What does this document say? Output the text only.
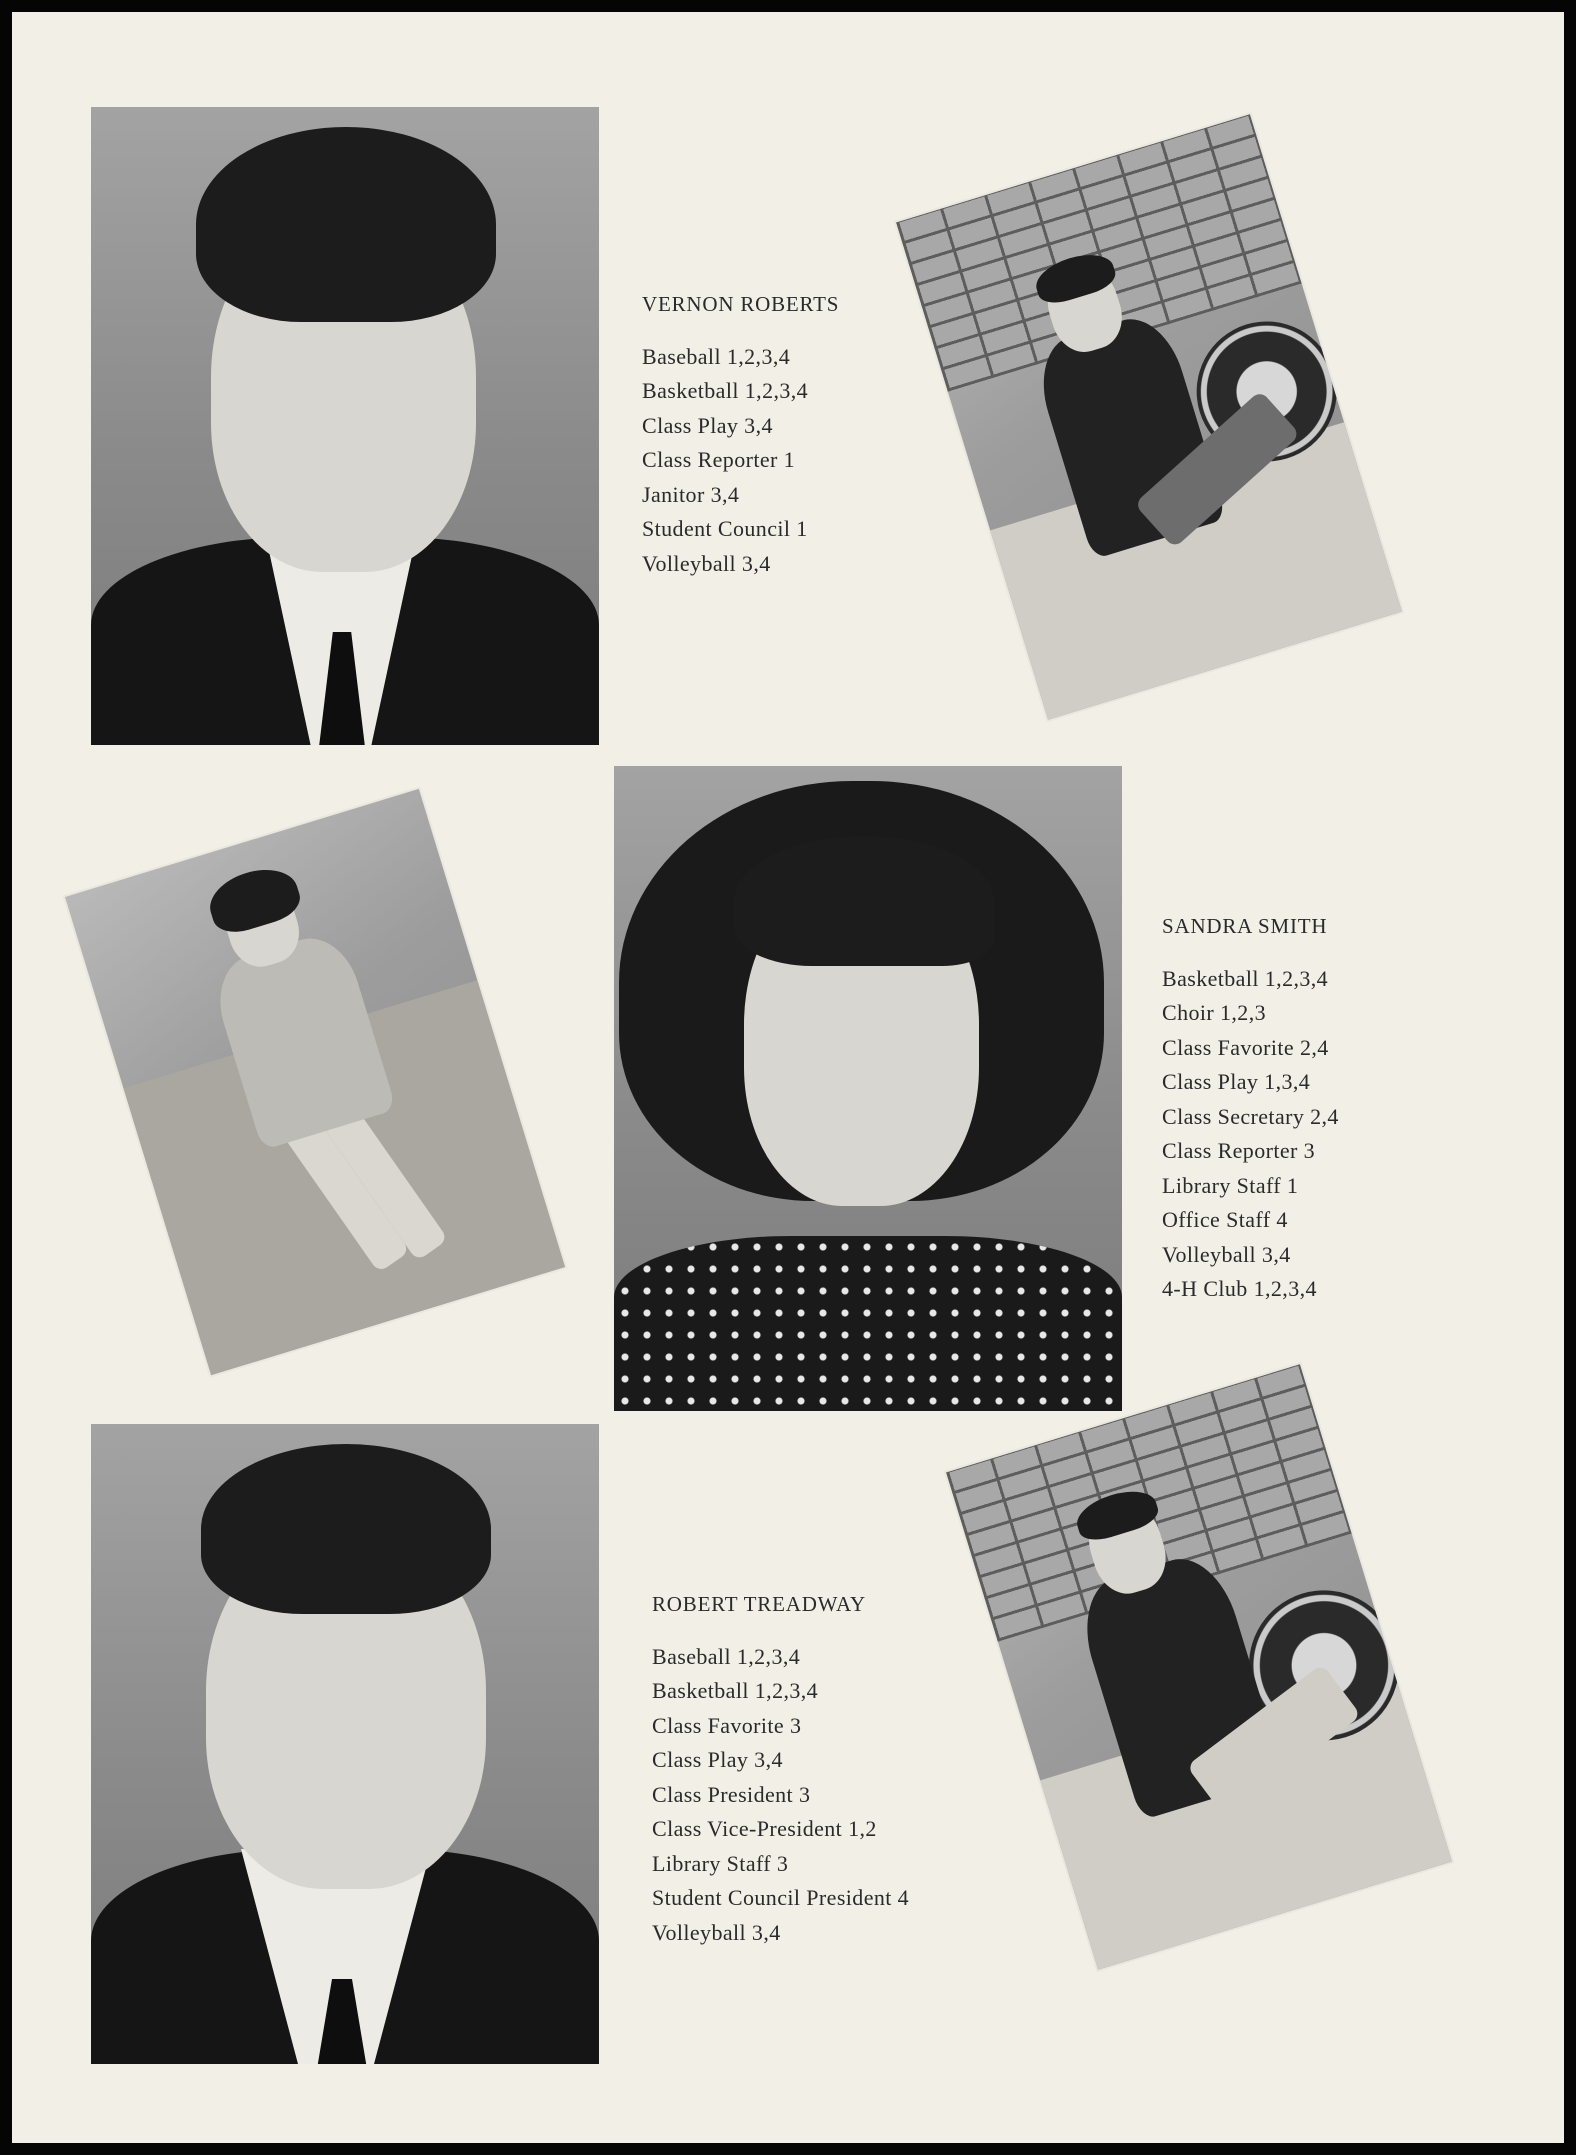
VERNON ROBERTS
Baseball 1,2,3,4
Basketball 1,2,3,4
Class Play 3,4
Class Reporter 1
Janitor 3,4
Student Council 1
Volleyball 3,4
SANDRA SMITH
Basketball 1,2,3,4
Choir 1,2,3
Class Favorite 2,4
Class Play 1,3,4
Class Secretary 2,4
Class Reporter 3
Library Staff 1
Office Staff 4
Volleyball 3,4
4-H Club 1,2,3,4
ROBERT TREADWAY
Baseball 1,2,3,4
Basketball 1,2,3,4
Class Favorite 3
Class Play 3,4
Class President 3
Class Vice-President 1,2
Library Staff 3
Student Council President 4
Volleyball 3,4
